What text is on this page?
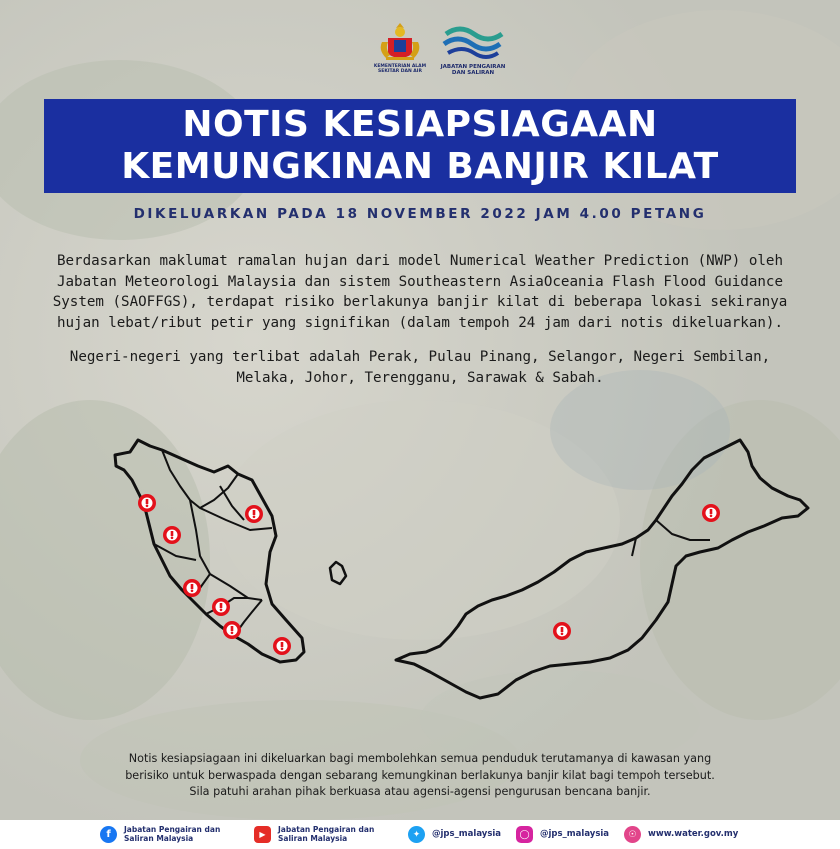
KEMENTERIAN ALAM SEKITAR DAN AIR
JABATAN PENGAIRAN DAN SALIRAN
NOTIS KESIAPSIAGAAN
KEMUNGKINAN BANJIR KILAT
DIKELUARKAN PADA 18 NOVEMBER 2022 JAM 4.00 PETANG
Berdasarkan maklumat ramalan hujan dari model Numerical Weather Prediction (NWP) oleh
Jabatan Meteorologi Malaysia dan sistem Southeastern AsiaOceania Flash Flood Guidance
System (SAOFFGS), terdapat risiko berlakunya banjir kilat di beberapa lokasi sekiranya
hujan lebat/ribut petir yang signifikan (dalam tempoh 24 jam dari notis dikeluarkan).
Negeri-negeri yang terlibat adalah Perak, Pulau Pinang, Selangor, Negeri Sembilan,
Melaka, Johor, Terengganu, Sarawak & Sabah.
Notis kesiapsiagaan ini dikeluarkan bagi membolehkan semua penduduk terutamanya di kawasan yang
berisiko untuk berwaspada dengan sebarang kemungkinan berlakunya banjir kilat bagi tempoh tersebut.
Sila patuhi arahan pihak berkuasa atau agensi-agensi pengurusan bencana banjir.
f	Jabatan Pengairan dan
Saliran Malaysia	▶
Jabatan Pengairan dan
Saliran Malaysia	✦	@jps_malaysia	◯	@jps_malaysia	☉	www.water.gov.my
